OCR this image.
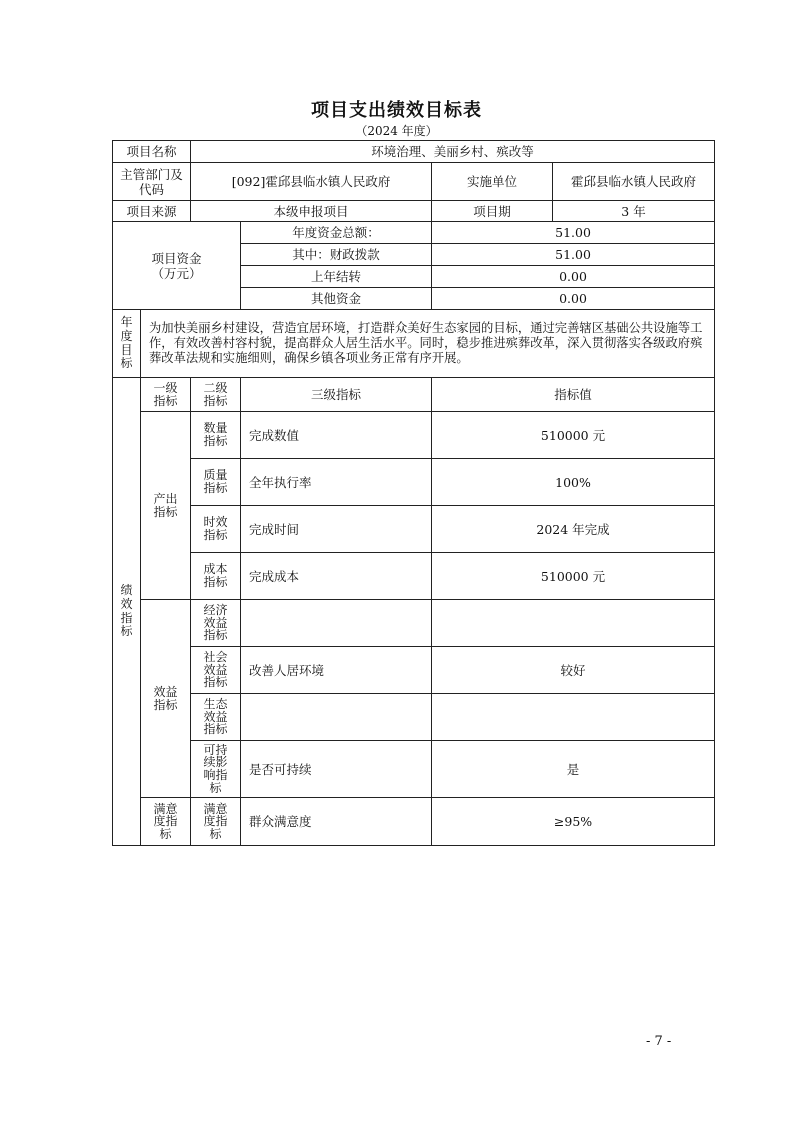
项目支出绩效目标表
（2024 年度）
项目名称		环境治理、美丽乡村、殡改等			

主管部门及代码		[092]霍邱县临水镇人民政府		实施单位	霍邱县临水镇人民政府
项目来源		本级申报项目		项目期	3 年

项目资金
（万元）			年度资金总额：	51.00	
			其中：财政拨款	51.00	
			上年结转	0.00	
			其他资金	0.00	
年度目标	为加快美丽乡村建设，营造宜居环境，打造群众美好生态家园的目标，通过完善辖区基础公共设施等工作，有效改善村容村貌，提高群众人居生活水平。同时，稳步推进殡葬改革，深入贯彻落实各级政府殡葬改革法规和实施细则，确保乡镇各项业务正常有序开展。				
绩效指标	一级指标	二级指标	三级指标	指标值	

	产出指标	数量指标	完成数值	510000 元	

		质量指标	全年执行率	100%	

		时效指标	完成时间	2024 年完成	

		成本指标	完成成本	510000 元	

	效益指标	经济效益指标			

		社会效益指标	改善人居环境	较好	

		生态效益指标			

		可持续影响指标	是否可持续	是	

	满意度指标	满意度指标	群众满意度	≥95%	
- 7 -
